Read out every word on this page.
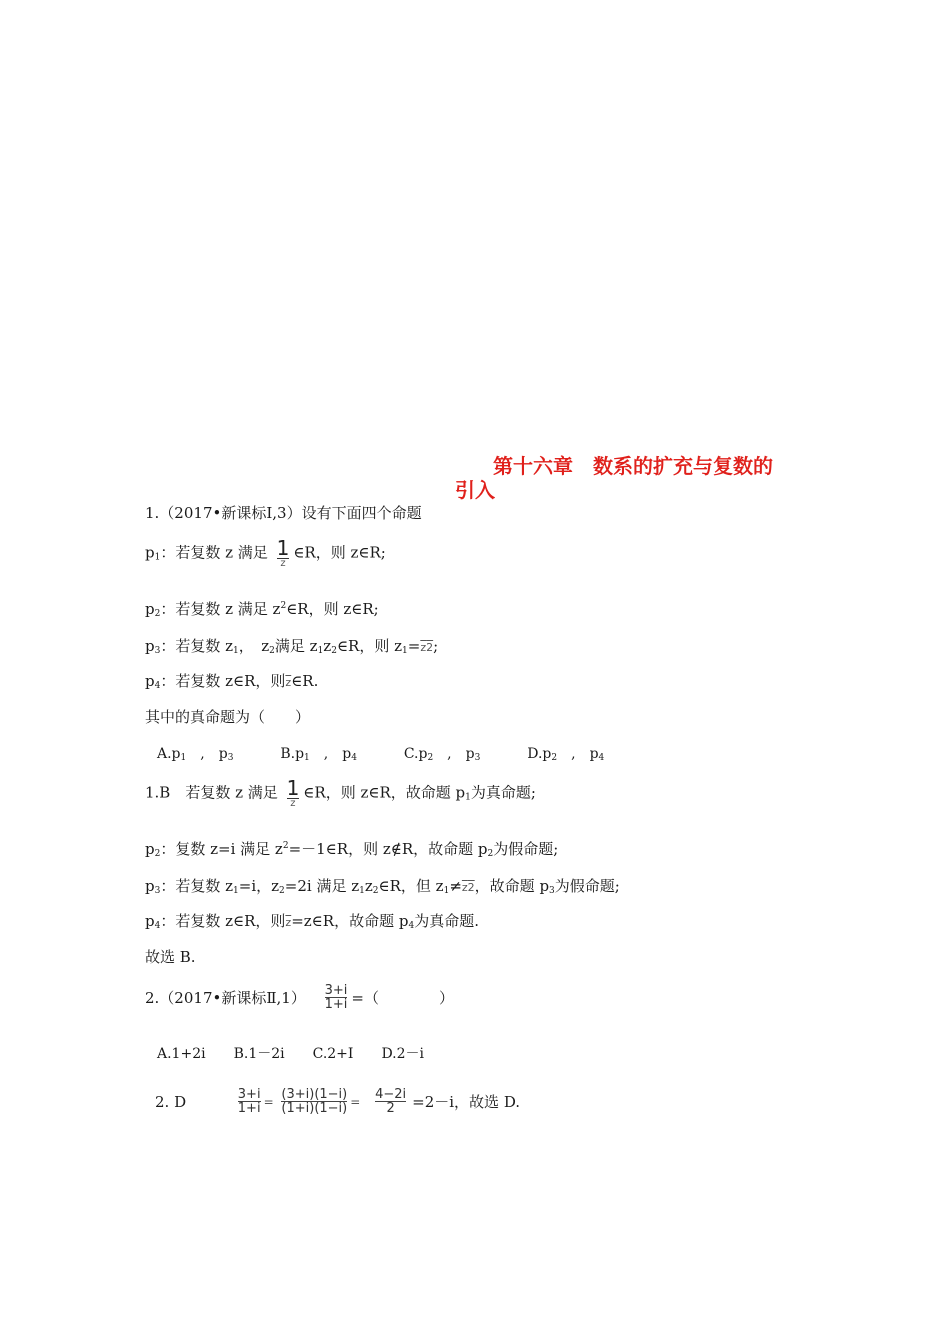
第十六章　数系的扩充与复数的
引入
1.（2017•新课标Ⅰ,3）设有下面四个命题
$p_1$：若复数 z 满足 $\frac{1}{z}$ ∈R，则 z∈R;
$p_2$：若复数 z 满足 $z^2\in R$，则 z∈R;
$p_3$：若复数 $z_1$，　$z_2$满足 $z_1z_2\in R$，则 $z_1=z2$;
$p_4$：若复数 z∈R，则$\overline{z}\in R$.
其中的真命题为（　　）
$A.p_1$　,　$p_3$	$B.p_1$　,　$p_4$	$C.p_2$　,　$p_3$	$D.p_2$　,　$p_4$
1.B　若复数 z 满足 $\frac{1}{z}$ ∈R，则 z∈R，故命题 $p_1$为真命题;
$p_2$：复数 z=i 满足 $z^2=-1\in R$，则 z∉R，故命题 $p_2$为假命题;
$p_3$：若复数 $z_1=i$，$z_2=2i$ 满足 $z_1z_2\in R$，但 $z_1\ne z2$，故命题 $p_3$为假命题;
$p_4$：若复数 z∈R，则$\overline{z}=z\in R$，故命题 $p_4$为真命题.
故选 B.
2.（2017•新课标Ⅱ,1） $\frac{3+i}{1+i}$ =（　　　　）
A.1+2i　　B.1－2i　　C.2+I　　D.2－i
2. D	$\frac{3+i}{1+i} = \frac{(3+i)(1-i)}{(1+i)(1-i)} = \frac{4-2i}{2} =2-i$，故选 D.
